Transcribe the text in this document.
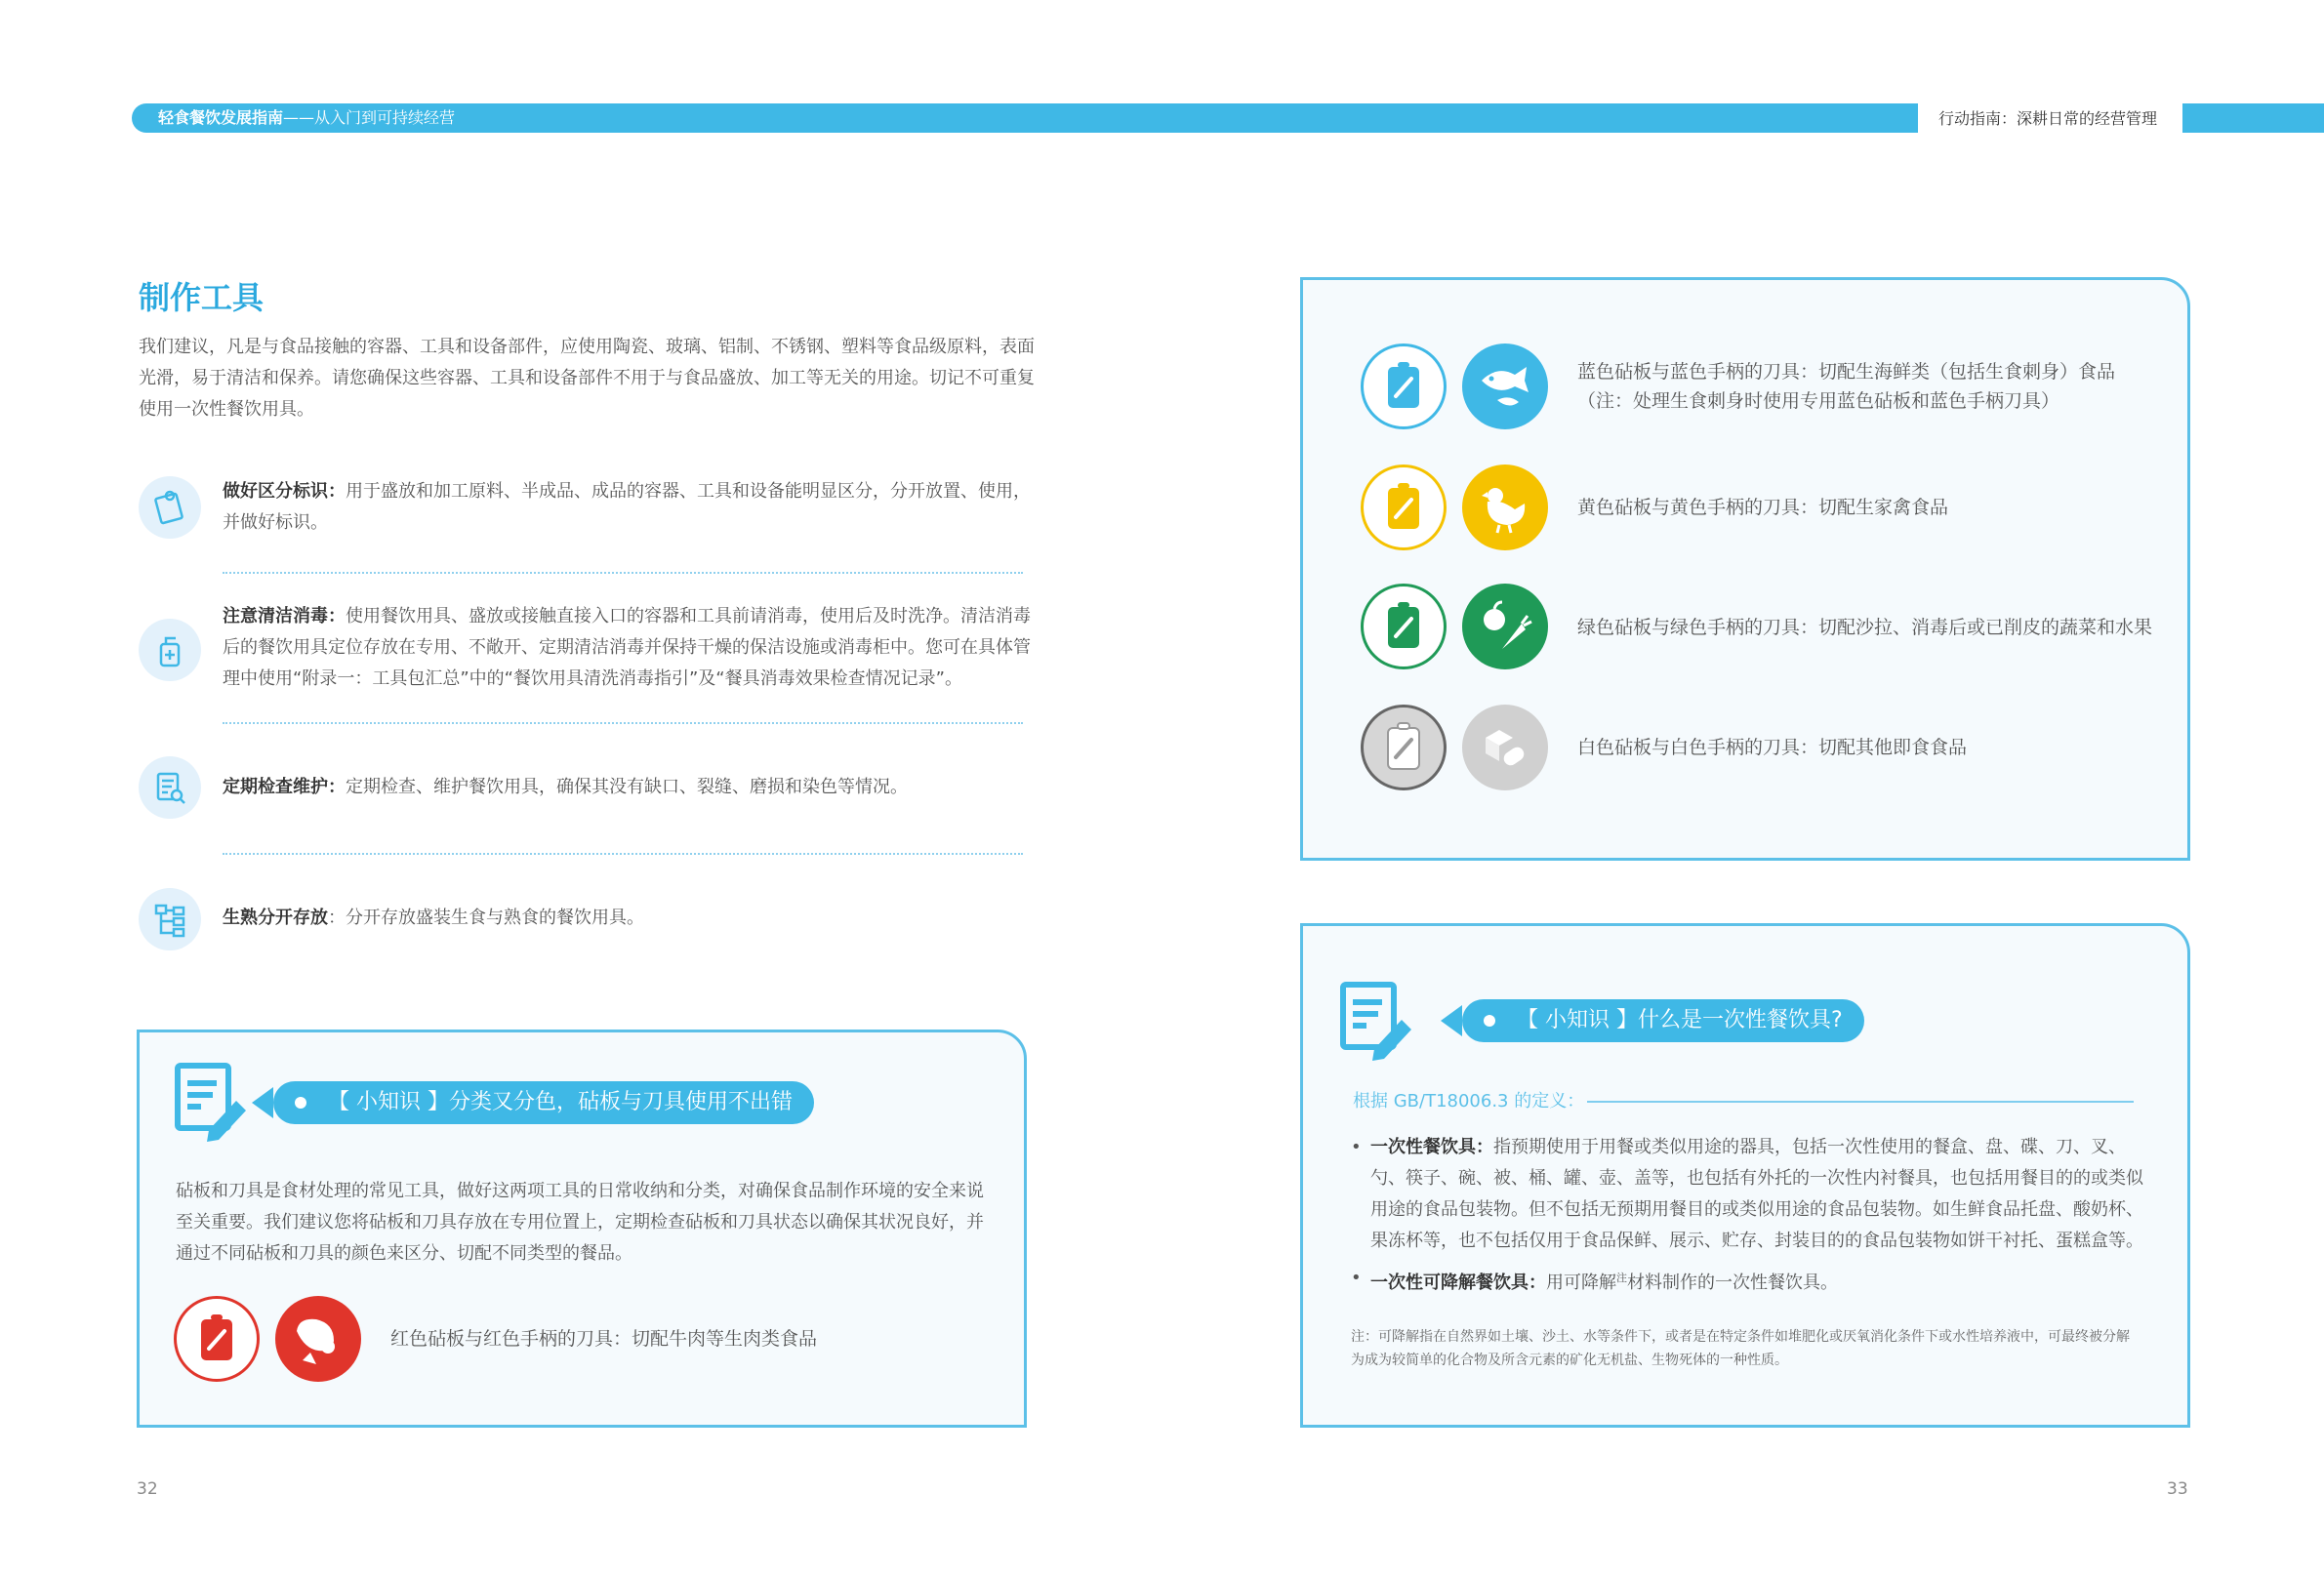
轻食餐饮发展指南——从入门到可持续经营	行动指南：深耕日常的经营管理
制作工具
我们建议，凡是与食品接触的容器、工具和设备部件，应使用陶瓷、玻璃、铝制、不锈钢、塑料等食品级原料，表面光滑，易于清洁和保养。请您确保这些容器、工具和设备部件不用于与食品盛放、加工等无关的用途。切记不可重复使用一次性餐饮用具。
做好区分标识：用于盛放和加工原料、半成品、成品的容器、工具和设备能明显区分，分开放置、使用，并做好标识。
注意清洁消毒：使用餐饮用具、盛放或接触直接入口的容器和工具前请消毒，使用后及时洗净。清洁消毒后的餐饮用具定位存放在专用、不敞开、定期清洁消毒并保持干燥的保洁设施或消毒柜中。您可在具体管理中使用“附录一：工具包汇总”中的“餐饮用具清洗消毒指引”及“餐具消毒效果检查情况记录”。
定期检查维护：定期检查、维护餐饮用具，确保其没有缺口、裂缝、磨损和染色等情况。
生熟分开存放：分开存放盛装生食与熟食的餐饮用具。
【 小知识 】分类又分色，砧板与刀具使用不出错
砧板和刀具是食材处理的常见工具，做好这两项工具的日常收纳和分类，对确保食品制作环境的安全来说至关重要。我们建议您将砧板和刀具存放在专用位置上，定期检查砧板和刀具状态以确保其状况良好，并通过不同砧板和刀具的颜色来区分、切配不同类型的餐品。
红色砧板与红色手柄的刀具：切配牛肉等生肉类食品
蓝色砧板与蓝色手柄的刀具：切配生海鲜类（包括生食刺身）食品
（注：处理生食刺身时使用专用蓝色砧板和蓝色手柄刀具）
黄色砧板与黄色手柄的刀具：切配生家禽食品
绿色砧板与绿色手柄的刀具：切配沙拉、消毒后或已削皮的蔬菜和水果
白色砧板与白色手柄的刀具：切配其他即食食品
【 小知识 】什么是一次性餐饮具?
根据 GB/T18006.3 的定义：
• 一次性餐饮具：指预期使用于用餐或类似用途的器具，包括一次性使用的餐盒、盘、碟、刀、叉、勺、筷子、碗、被、桶、罐、壶、盖等，也包括有外托的一次性内衬餐具，也包括用餐目的的或类似用途的食品包装物。但不包括无预期用餐目的或类似用途的食品包装物。如生鲜食品托盘、酸奶杯、果冻杯等，也不包括仅用于食品保鲜、展示、贮存、封装目的的食品包装物如饼干衬托、蛋糕盒等。
• 一次性可降解餐饮具：用可降解$^注$材料制作的一次性餐饮具。
注：可降解指在自然界如土壤、沙土、水等条件下，或者是在特定条件如堆肥化或厌氧消化条件下或水性培养液中，可最终被分解为成为较简单的化合物及所含元素的矿化无机盐、生物死体的一种性质。
32	33
